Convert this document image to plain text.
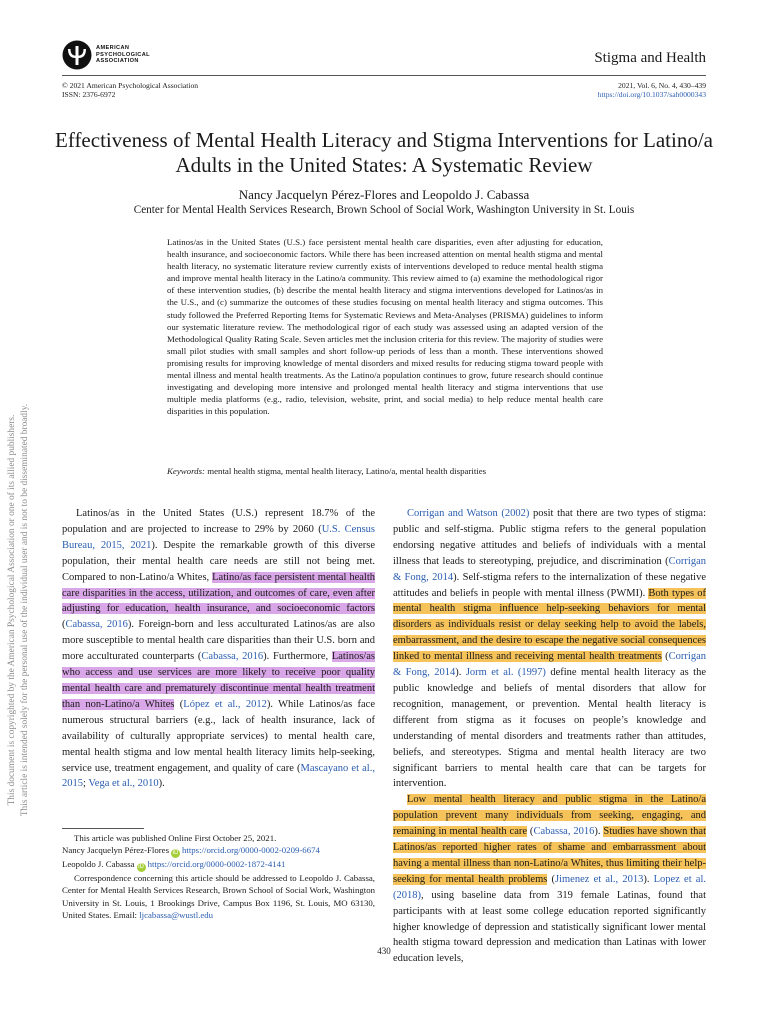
AMERICAN
PSYCHOLOGICAL
ASSOCIATION	Stigma and Health
© 2021 American Psychological Association
ISSN: 2376-6972
2021, Vol. 6, No. 4, 430–439
https://doi.org/10.1037/sah0000343
Effectiveness of Mental Health Literacy and Stigma Interventions for Latino/a Adults in the United States: A Systematic Review
Nancy Jacquelyn Pérez-Flores and Leopoldo J. Cabassa
Center for Mental Health Services Research, Brown School of Social Work, Washington University in St. Louis
Latinos/as in the United States (U.S.) face persistent mental health care disparities, even after adjusting for education, health insurance, and socioeconomic factors. While there has been increased attention on mental health stigma and mental health literacy, no systematic literature review currently exists of interventions developed to reduce mental health stigma and improve mental health literacy in the Latino/a community. This review aimed to (a) examine the methodological rigor of these intervention studies, (b) describe the mental health literacy and stigma interventions developed for Latinos/as in the U.S., and (c) summarize the outcomes of these studies focusing on mental health literacy and stigma outcomes. This study followed the Preferred Reporting Items for Systematic Reviews and Meta-Analyses (PRISMA) guidelines to inform our systematic literature review. The methodological rigor of each study was assessed using an adapted version of the Methodological Quality Rating Scale. Seven articles met the inclusion criteria for this review. The majority of studies were small pilot studies with small samples and short follow-up periods of less than a month. These interventions showed promising results for improving knowledge of mental disorders and mixed results for reducing stigma toward people with mental illness and mental health treatments. As the Latino/a population continues to grow, future research should continue investigating and developing more intensive and prolonged mental health literacy and stigma interventions that use multiple media platforms (e.g., radio, television, website, print, and social media) to help reduce mental health care disparities in this population.
Keywords: mental health stigma, mental health literacy, Latino/a, mental health disparities

Latinos/as in the United States (U.S.) represent 18.7% of the population and are projected to increase to 29% by 2060 (U.S. Census Bureau, 2015, 2021). Despite the remarkable growth of this diverse population, their mental health care needs are still not being met. Compared to non-Latino/a Whites, Latino/as face persistent mental health care disparities in the access, utilization, and outcomes of care, even after adjusting for education, health insurance, and socioeconomic factors (Cabassa, 2016). Foreign-born and less acculturated Latinos/as are also more susceptible to mental health care disparities than their U.S. born and more acculturated counterparts (Cabassa, 2016). Furthermore, Latinos/as who access and use services are more likely to receive poor quality mental health care and prematurely discontinue mental health treatment than non-Latino/a Whites (López et al., 2012). While Latinos/as face numerous structural barriers (e.g., lack of health insurance, lack of availability of culturally appropriate services) to mental health care, mental health stigma and low mental health literacy limits help-seeking, service use, treatment engagement, and quality of care (Mascayano et al., 2015; Vega et al., 2010).

Corrigan and Watson (2002) posit that there are two types of stigma: public and self-stigma. Public stigma refers to the general population endorsing negative attitudes and beliefs of individuals with a mental illness that leads to stereotyping, prejudice, and discrimination (Corrigan & Fong, 2014). Self-stigma refers to the internalization of these negative attitudes and beliefs in people with mental illness (PWMI). Both types of mental health stigma influence help-seeking behaviors for mental disorders as individuals resist or delay seeking help to avoid the labels, embarrassment, and the desire to escape the negative social consequences linked to mental illness and receiving mental health treatments (Corrigan & Fong, 2014). Jorm et al. (1997) define mental health literacy as the public knowledge and beliefs of mental disorders that allow for recognition, management, or prevention. Mental health literacy is different from stigma as it focuses on people’s knowledge and understanding of mental disorders and treatments rather than attitudes, beliefs, and stereotypes. Stigma and mental health literacy are two significant barriers to mental health care that can be targets for intervention.

Low mental health literacy and public stigma in the Latino/a population prevent many individuals from seeking, engaging, and remaining in mental health care (Cabassa, 2016). Studies have shown that Latinos/as reported higher rates of shame and embarrassment about having a mental illness than non-Latino/a Whites, thus limiting their help-seeking for mental health problems (Jimenez et al., 2013). Lopez et al. (2018), using baseline data from 319 female Latinas, found that participants with at least some college education reported significantly higher knowledge of depression and statistically significant lower mental health stigma toward depression and medication than Latinas with lower education levels,

This article was published Online First October 25, 2021.

Nancy Jacquelyn Pérez-Flores iD https://orcid.org/0000-0002-0209-6674
Leopoldo J. Cabassa iD https://orcid.org/0000-0002-1872-4141

Correspondence concerning this article should be addressed to Leopoldo J. Cabassa, Center for Mental Health Services Research, Brown School of Social Work, Washington University in St. Louis, 1 Brookings Drive, Campus Box 1196, St. Louis, MO 63130, United States. Email: ljcabassa@wustl.edu

This document is copyrighted by the American Psychological Association or one of its allied publishers. This article is intended solely for the personal use of the individual user and is not to be disseminated broadly.
430
